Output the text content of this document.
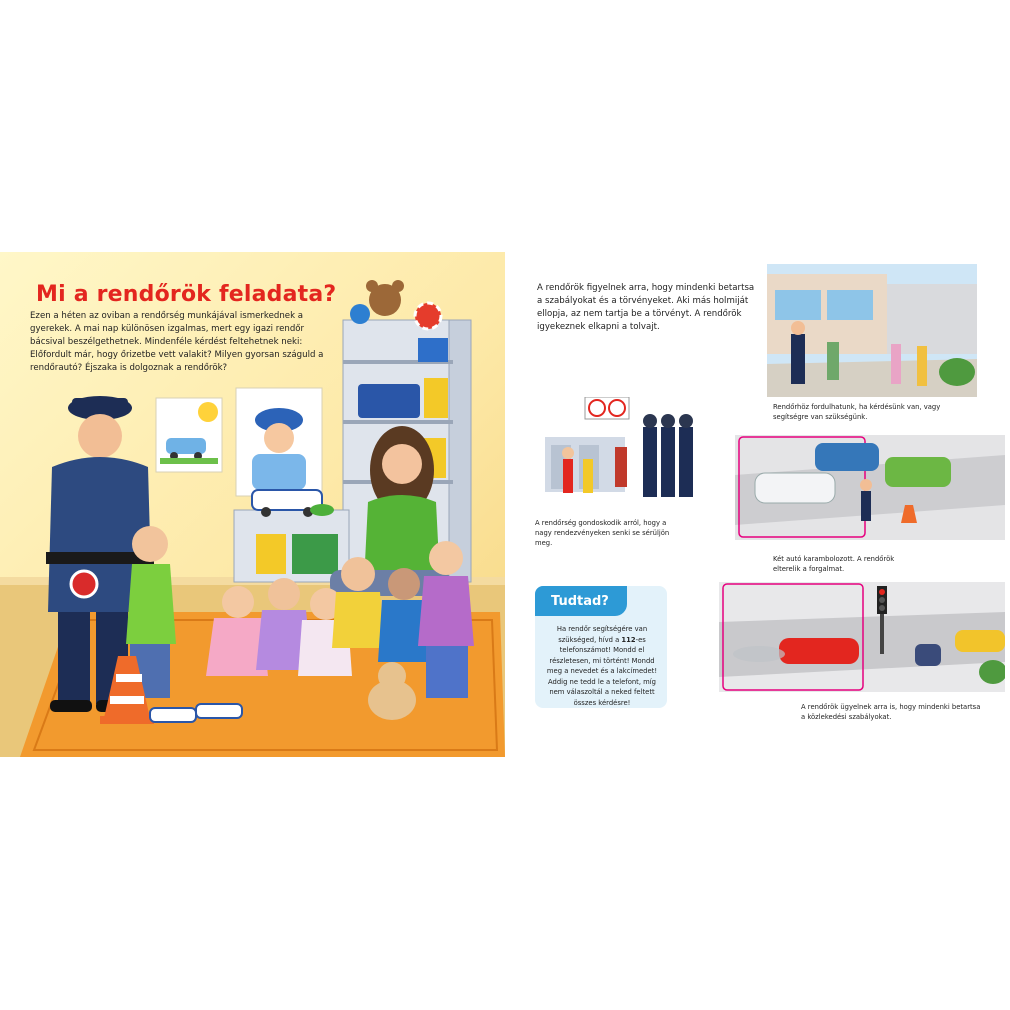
Mi a rendőrök feladata?

Ezen a héten az oviban a rendőrség munkájával ismerkednek a gyerekek. A mai nap különösen izgalmas, mert egy igazi rendőr bácsival beszélgethetnek. Mindenféle kérdést feltehetnek neki: Előfordult már, hogy őrizetbe vett valakit? Milyen gyorsan száguld a rendőrautó? Éjszaka is dolgoznak a rendőrök?

A rendőrök figyelnek arra, hogy mindenki betartsa a szabályokat és a törvényeket. Aki más holmiját ellopja, az nem tartja be a törvényt. A rendőrök igyekeznek elkapni a tolvajt.

Rendőrhöz fordulhatunk, ha kérdésünk van, vagy segítségre van szükségünk.

A rendőrség gondoskodik arról, hogy a nagy rendezvényeken senki se sérüljön meg.

Két autó karambolozott. A rendőrök elterelik a forgalmat.

Tudtad?

Ha rendőr segítségére van szükséged, hívd a 112-es telefonszámot! Mondd el részletesen, mi történt! Mondd meg a nevedet és a lakcímedet! Addig ne tedd le a telefont, míg nem válaszoltál a neked feltett összes kérdésre!

A rendőrök ügyelnek arra is, hogy mindenki betartsa a közlekedési szabályokat.
